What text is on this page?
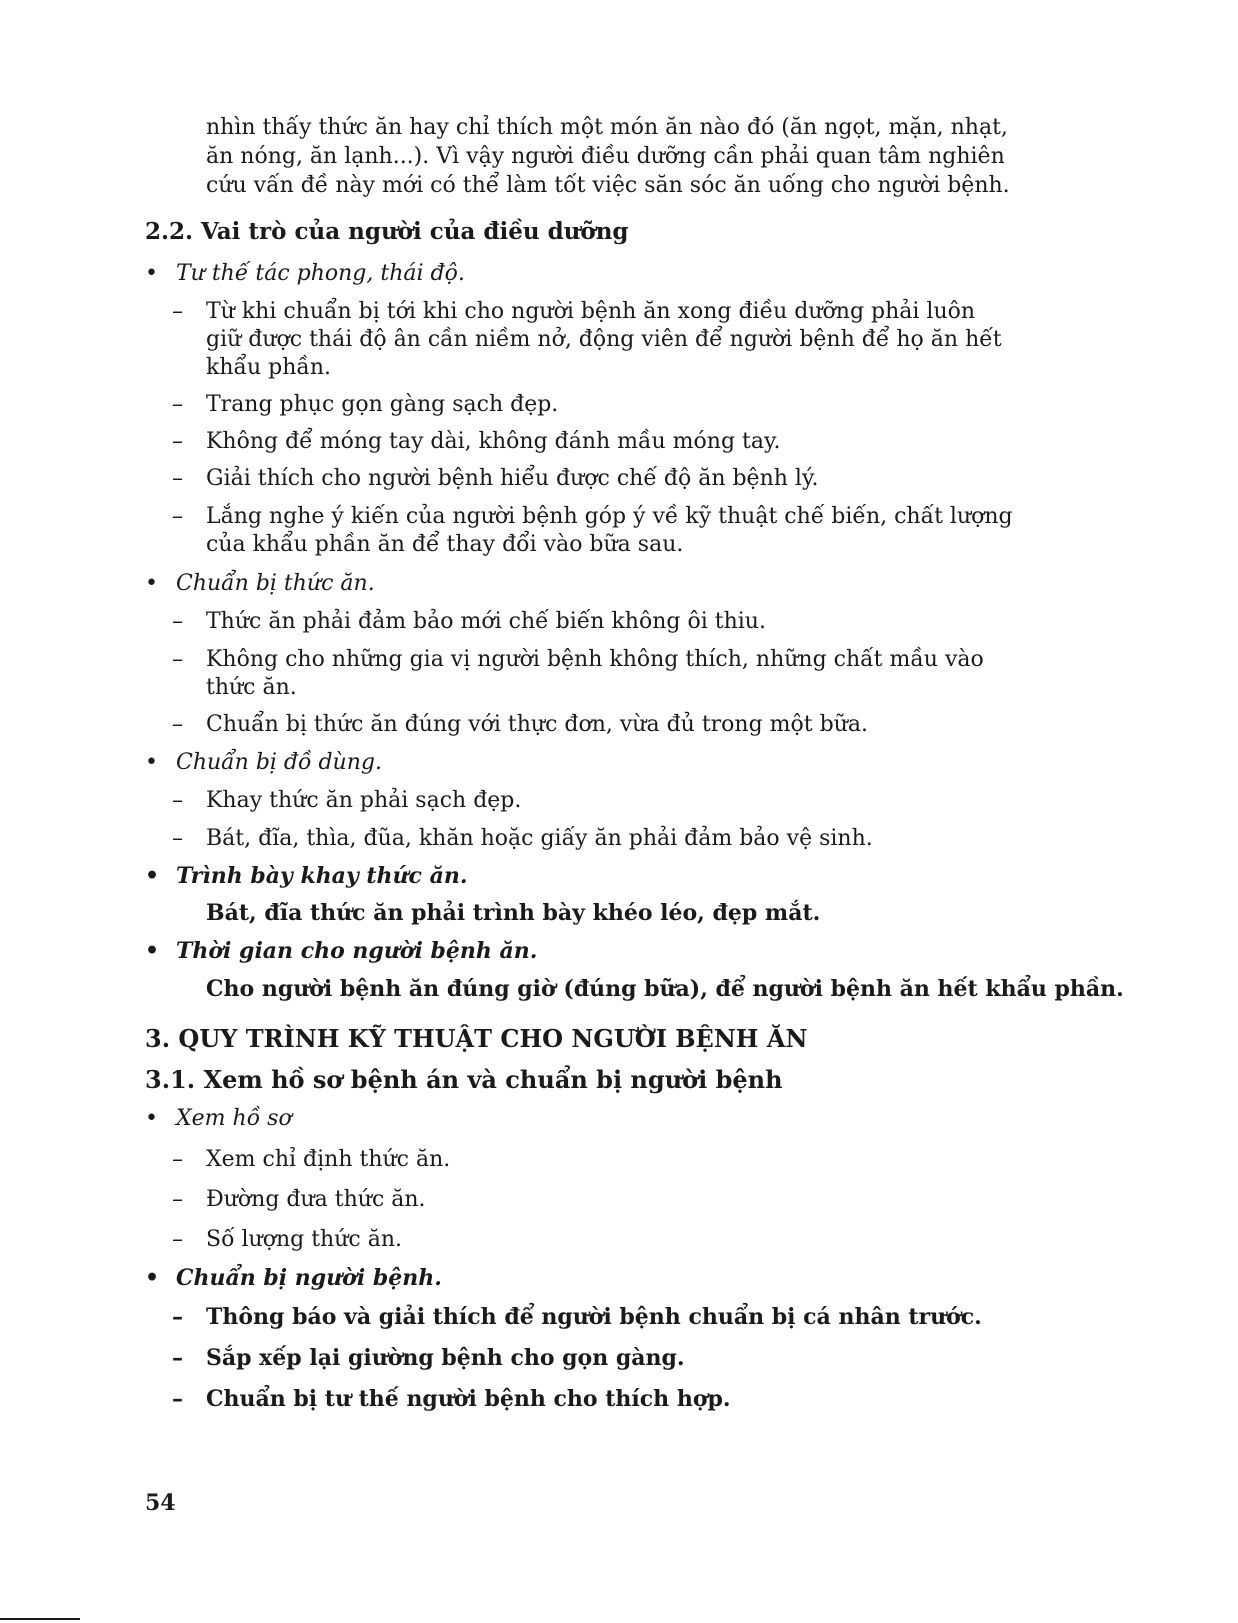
nhìn thấy thức ăn hay chỉ thích một món ăn nào đó (ăn ngọt, mặn, nhạt,
ăn nóng, ăn lạnh...). Vì vậy người điều dưỡng cần phải quan tâm nghiên
cứu vấn đề này mới có thể làm tốt việc săn sóc ăn uống cho người bệnh.
2.2. Vai trò của người của điều dưỡng
• Tư thế tác phong, thái độ.
– Từ khi chuẩn bị tới khi cho người bệnh ăn xong điều dưỡng phải luôn
giữ được thái độ ân cần niềm nở, động viên để người bệnh để họ ăn hết
khẩu phần.
– Trang phục gọn gàng sạch đẹp.
– Không để móng tay dài, không đánh mầu móng tay.
– Giải thích cho người bệnh hiểu được chế độ ăn bệnh lý.
– Lắng nghe ý kiến của người bệnh góp ý về kỹ thuật chế biến, chất lượng
của khẩu phần ăn để thay đổi vào bữa sau.
• Chuẩn bị thức ăn.
– Thức ăn phải đảm bảo mới chế biến không ôi thiu.
– Không cho những gia vị người bệnh không thích, những chất mầu vào
thức ăn.
– Chuẩn bị thức ăn đúng với thực đơn, vừa đủ trong một bữa.
• Chuẩn bị đồ dùng.
– Khay thức ăn phải sạch đẹp.
– Bát, đĩa, thìa, đũa, khăn hoặc giấy ăn phải đảm bảo vệ sinh.
• Trình bày khay thức ăn.
Bát, đĩa thức ăn phải trình bày khéo léo, đẹp mắt.
• Thời gian cho người bệnh ăn.
Cho người bệnh ăn đúng giờ (đúng bữa), để người bệnh ăn hết khẩu phần.
3. QUY TRÌNH KỸ THUẬT CHO NGƯỜI BỆNH ĂN
3.1. Xem hồ sơ bệnh án và chuẩn bị người bệnh
• Xem hồ sơ
– Xem chỉ định thức ăn.
– Đường đưa thức ăn.
– Số lượng thức ăn.
• Chuẩn bị người bệnh.
– Thông báo và giải thích để người bệnh chuẩn bị cá nhân trước.
– Sắp xếp lại giường bệnh cho gọn gàng.
– Chuẩn bị tư thế người bệnh cho thích hợp.
54
